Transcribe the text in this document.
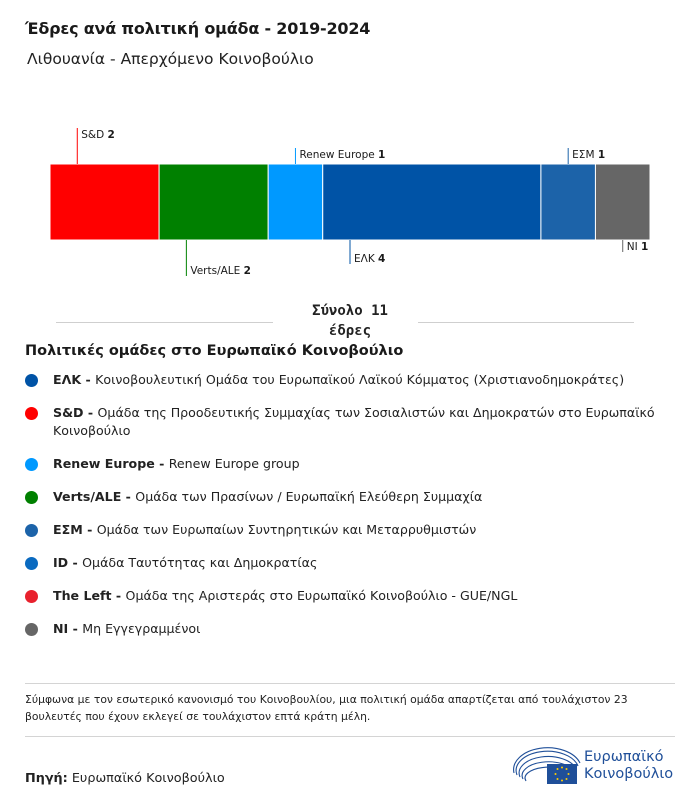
Έδρες ανά πολιτική ομάδα - 2019-2024
Λιθουανία - Απερχόμενο Κοινοβούλιο
S&D 2
Verts/ALE 2
Renew Europe 1
ΕΛΚ 4
ΕΣΜ 1
NI 1
Σύνολο 11
έδρες
Πολιτικές ομάδες στο Ευρωπαϊκό Κοινοβούλιο
ΕΛΚ - Κοινοβουλευτική Ομάδα του Ευρωπαϊκού Λαϊκού Κόμματος (Χριστιανοδημοκράτες)
S&D - Ομάδα της Προοδευτικής Συμμαχίας των Σοσιαλιστών και Δημοκρατών στο Ευρωπαϊκό Κοινοβούλιο
Renew Europe - Renew Europe group
Verts/ALE - Ομάδα των Πρασίνων / Ευρωπαϊκή Ελεύθερη Συμμαχία
ΕΣΜ - Ομάδα των Ευρωπαίων Συντηρητικών και Μεταρρυθμιστών
ID - Ομάδα Ταυτότητας και Δημοκρατίας
The Left - Ομάδα της Αριστεράς στο Ευρωπαϊκό Κοινοβούλιο - GUE/NGL
NI - Μη Εγγεγραμμένοι
Σύμφωνα με τον εσωτερικό κανονισμό του Κοινοβουλίου, μια πολιτική ομάδα απαρτίζεται από τουλάχιστον 23 βουλευτές που έχουν εκλεγεί σε τουλάχιστον επτά κράτη μέλη.
Πηγή: Ευρωπαϊκό Κοινοβούλιο
Ευρωπαϊκό
Κοινοβούλιο
